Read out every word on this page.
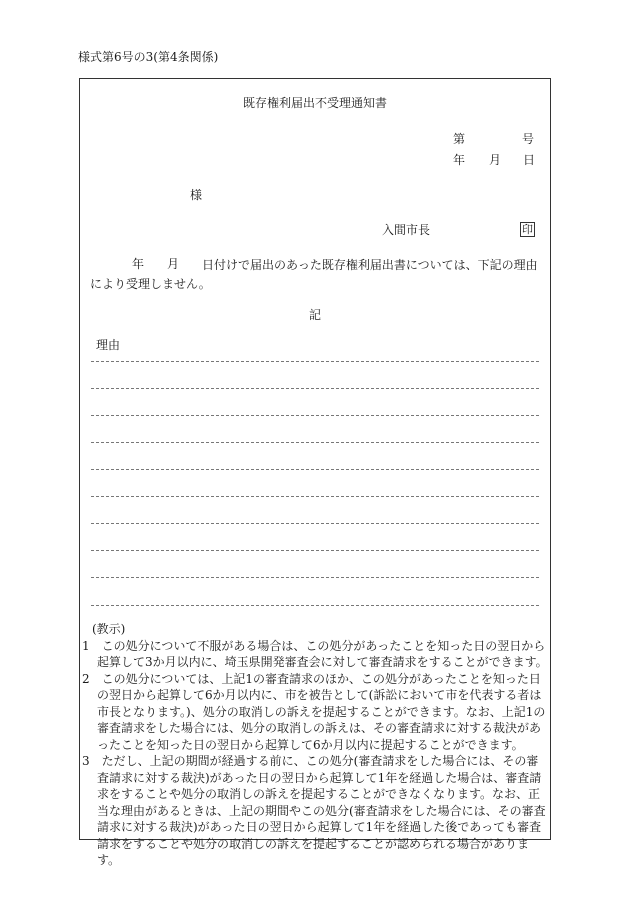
様式第6号の3(第4条関係)
既存権利届出不受理通知書
第	号
年 月 日
様
入間市長	印
年 月	日付けで届出のあった既存権利届出書については、下記の理由により受理しません。
記
理由
(教示)
1　この処分について不服がある場合は、この処分があったことを知った日の翌日から起算して3か月以内に、埼玉県開発審査会に対して審査請求をすることができます。
2　この処分については、上記1の審査請求のほか、この処分があったことを知った日の翌日から起算して6か月以内に、市を被告として(訴訟において市を代表する者は市長となります。)、処分の取消しの訴えを提起することができます。なお、上記1の審査請求をした場合には、処分の取消しの訴えは、その審査請求に対する裁決があったことを知った日の翌日から起算して6か月以内に提起することができます。
3　ただし、上記の期間が経過する前に、この処分(審査請求をした場合には、その審査請求に対する裁決)があった日の翌日から起算して1年を経過した場合は、審査請求をすることや処分の取消しの訴えを提起することができなくなります。なお、正当な理由があるときは、上記の期間やこの処分(審査請求をした場合には、その審査請求に対する裁決)があった日の翌日から起算して1年を経過した後であっても審査請求をすることや処分の取消しの訴えを提起することが認められる場合があります。
